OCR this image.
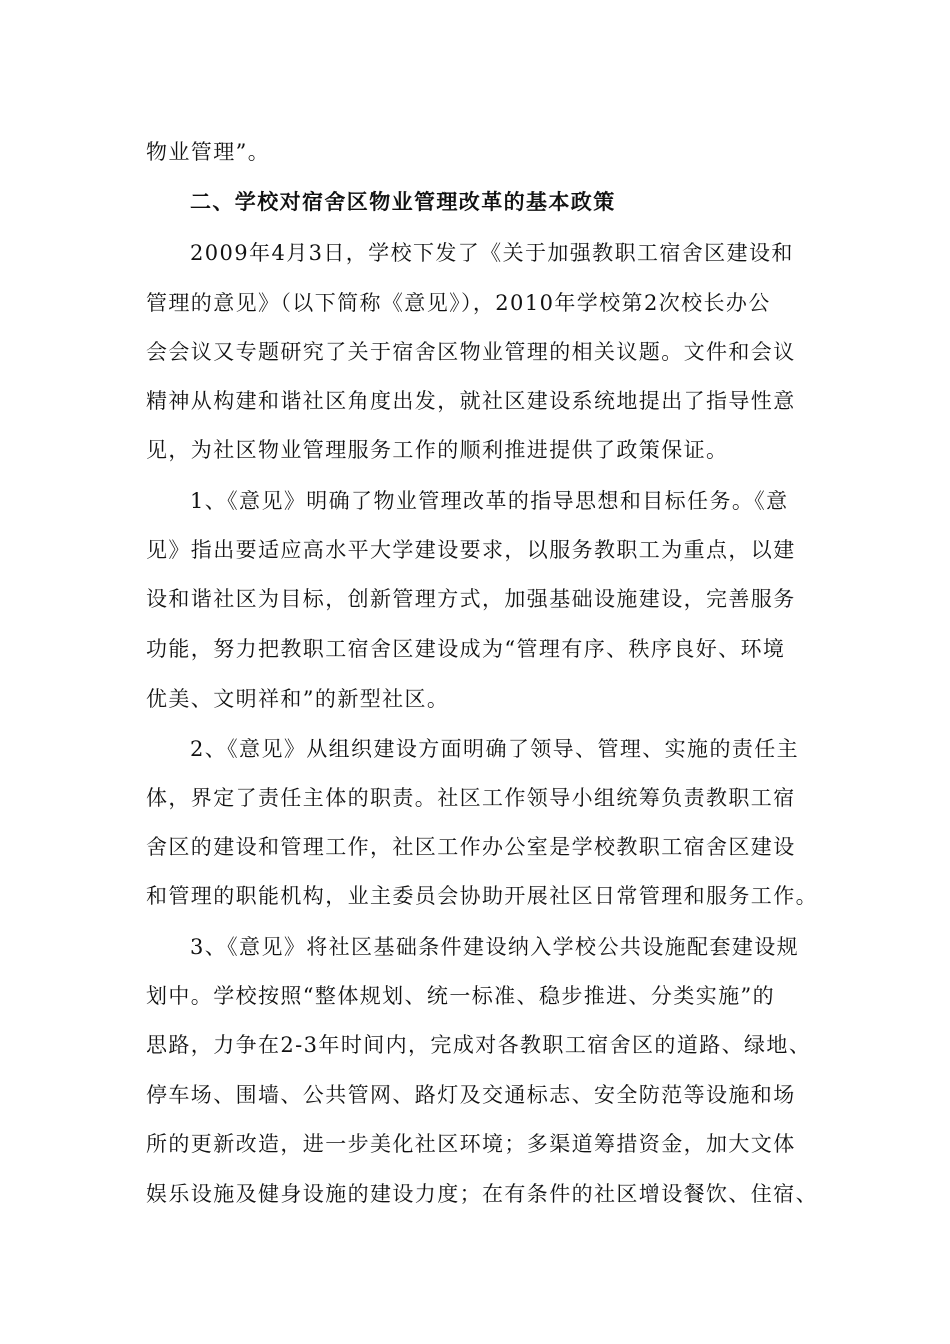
物业管理”。
二、学校对宿舍区物业管理改革的基本政策
2009年4月3日，学校下发了《关于加强教职工宿舍区建设和
管理的意见》（以下简称《意见》），2010年学校第2次校长办公
会会议又专题研究了关于宿舍区物业管理的相关议题。文件和会议
精神从构建和谐社区角度出发，就社区建设系统地提出了指导性意
见，为社区物业管理服务工作的顺利推进提供了政策保证。
1、《意见》明确了物业管理改革的指导思想和目标任务。《意
见》指出要适应高水平大学建设要求，以服务教职工为重点，以建
设和谐社区为目标，创新管理方式，加强基础设施建设，完善服务
功能，努力把教职工宿舍区建设成为“管理有序、秩序良好、环境
优美、文明祥和”的新型社区。
2、《意见》从组织建设方面明确了领导、管理、实施的责任主
体，界定了责任主体的职责。社区工作领导小组统筹负责教职工宿
舍区的建设和管理工作，社区工作办公室是学校教职工宿舍区建设
和管理的职能机构，业主委员会协助开展社区日常管理和服务工作。
3、《意见》将社区基础条件建设纳入学校公共设施配套建设规
划中。学校按照“整体规划、统一标准、稳步推进、分类实施”的
思路，力争在2-3年时间内，完成对各教职工宿舍区的道路、绿地、
停车场、围墙、公共管网、路灯及交通标志、安全防范等设施和场
所的更新改造，进一步美化社区环境；多渠道筹措资金，加大文体
娱乐设施及健身设施的建设力度；在有条件的社区增设餐饮、住宿、
